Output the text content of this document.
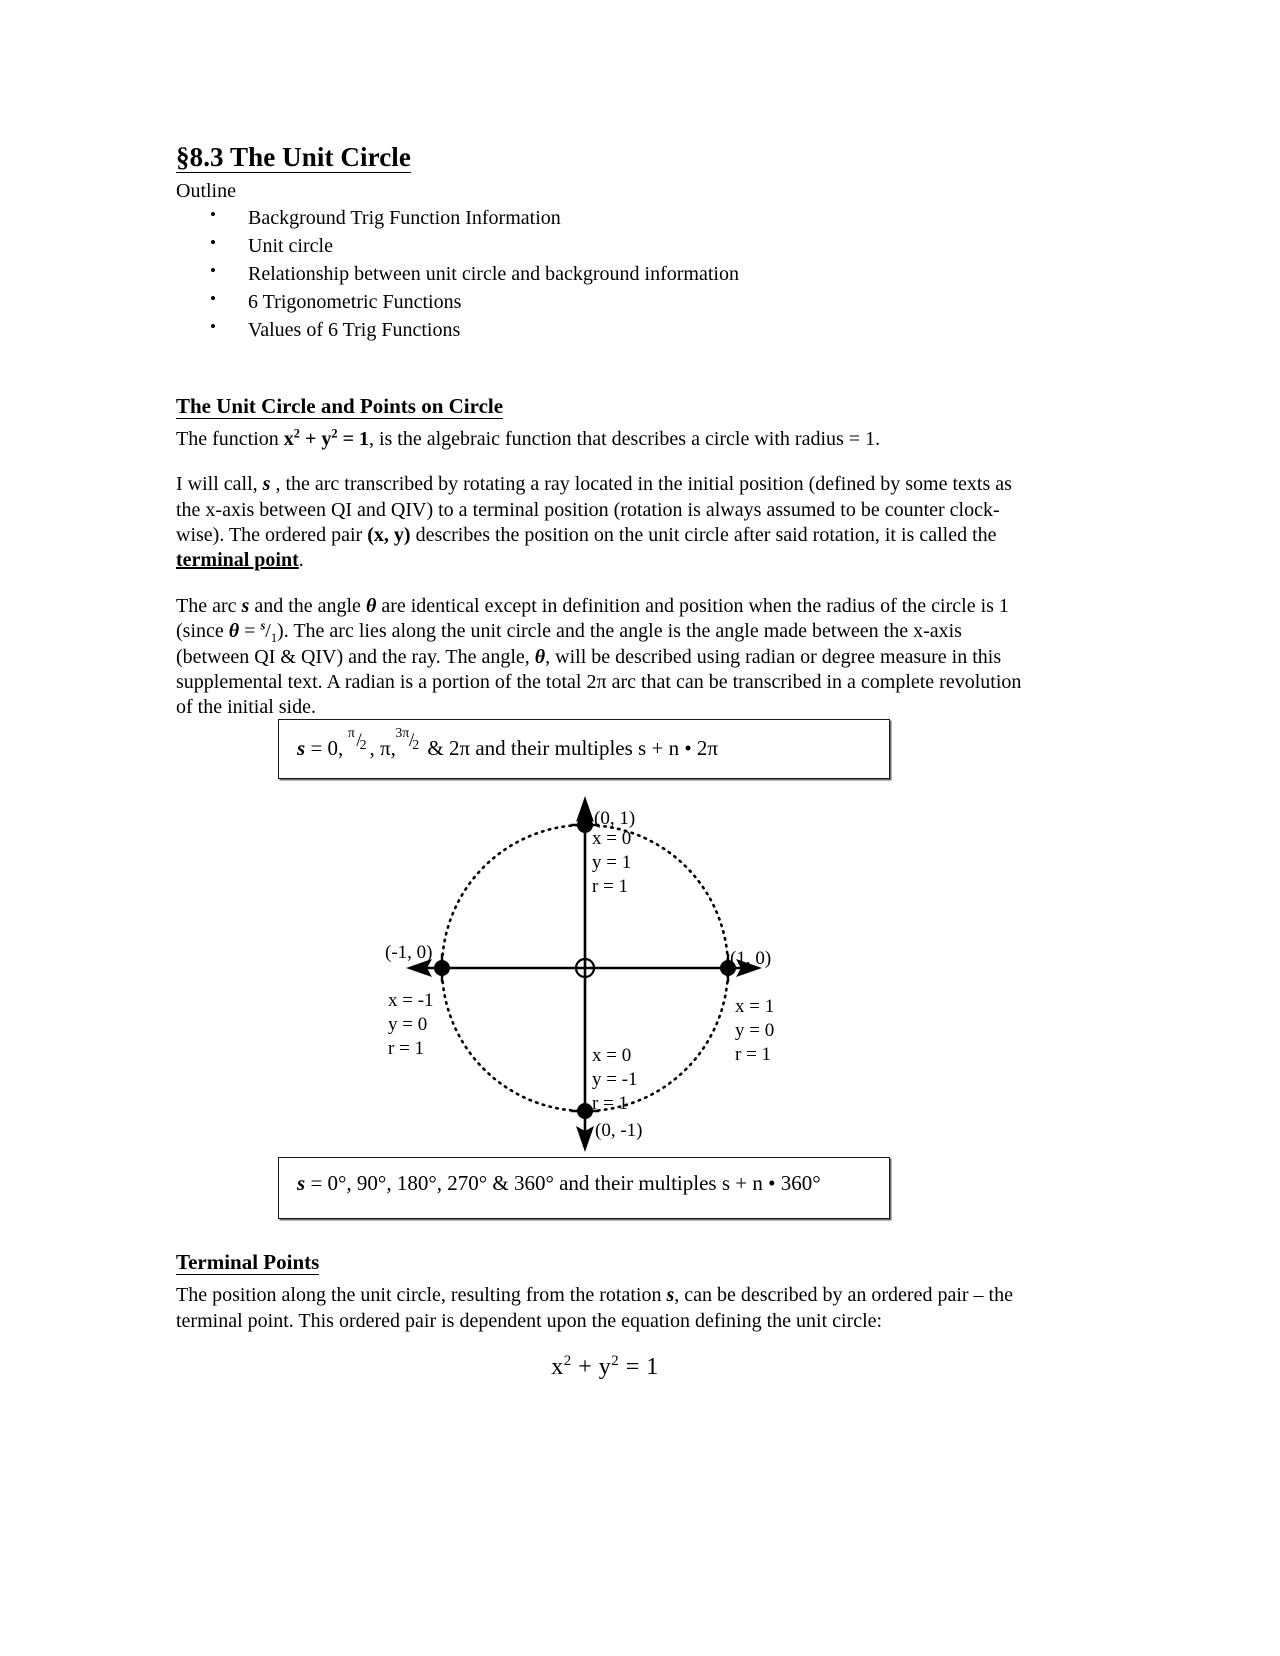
§8.3 The Unit Circle
Outline
• Background Trig Function Information
• Unit circle
• Relationship between unit circle and background information
• 6 Trigonometric Functions
• Values of 6 Trig Functions
The Unit Circle and Points on Circle

The function $x^2 + y^2 = 1$, is the algebraic function that describes a circle with radius = 1.

I will call, s , the arc transcribed by rotating a ray located in the initial position (defined by some texts as the x-axis between QI and QIV) to a terminal position (rotation is always assumed to be counter clock-wise). The ordered pair (x, y) describes the position on the unit circle after said rotation, it is called the terminal point.

The arc s and the angle θ are identical except in definition and position when the radius of the circle is 1 (since $\theta = ^s/_1$). The arc lies along the unit circle and the angle is the angle made between the x-axis (between QI & QIV) and the ray. The angle, θ, will be described using radian or degree measure in this supplemental text. A radian is a portion of the total 2π arc that can be transcribed in a complete revolution of the initial side.

s = 0,
π /
2 , π,
3π /
2 & 2π and their multiples s + n • 2π
(0, 1)
x = 0
y = 1
r = 1
(-1, 0)
x = -1
y = 0
r = 1
(1, 0)
x = 1
y = 0
r = 1
x = 0
y = -1
r = 1
(0, -1)
s = 0°, 90°, 180°, 270° & 360° and their multiples s + n • 360°
Terminal Points

The position along the unit circle, resulting from the rotation s, can be described by an ordered pair – the terminal point. This ordered pair is dependent upon the equation defining the unit circle:

$x^2 + y^2 = 1$
